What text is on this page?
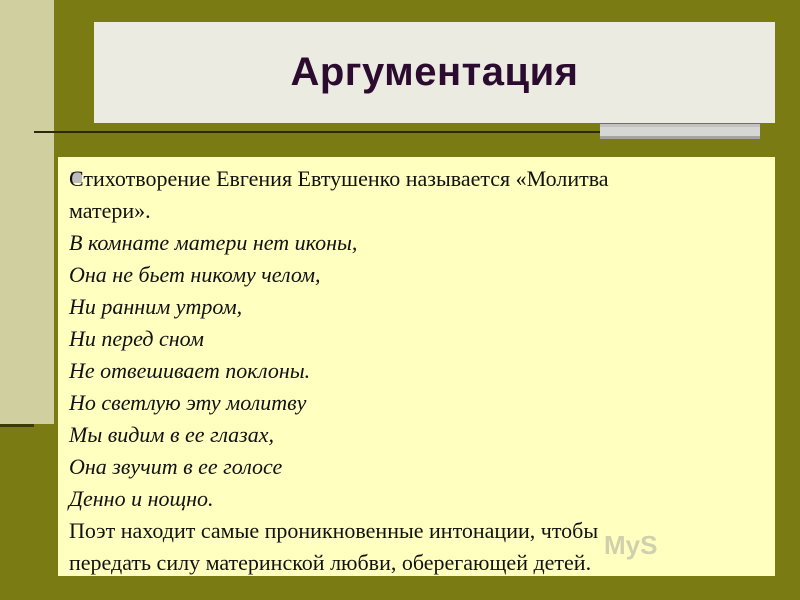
Аргументация
Стихотворение Евгения Евтушенко называется «Молитва
матери».
В комнате матери нет иконы,
Она не бьет никому челом,
Ни ранним утром,
Ни перед сном
Не отвешивает поклоны.
Но светлую эту молитву
Мы видим в ее глазах,
Она звучит в ее голосе
Денно и нощно.
Поэт находит самые проникновенные интонации, чтобы
передать силу материнской любви, оберегающей детей.
MyS
